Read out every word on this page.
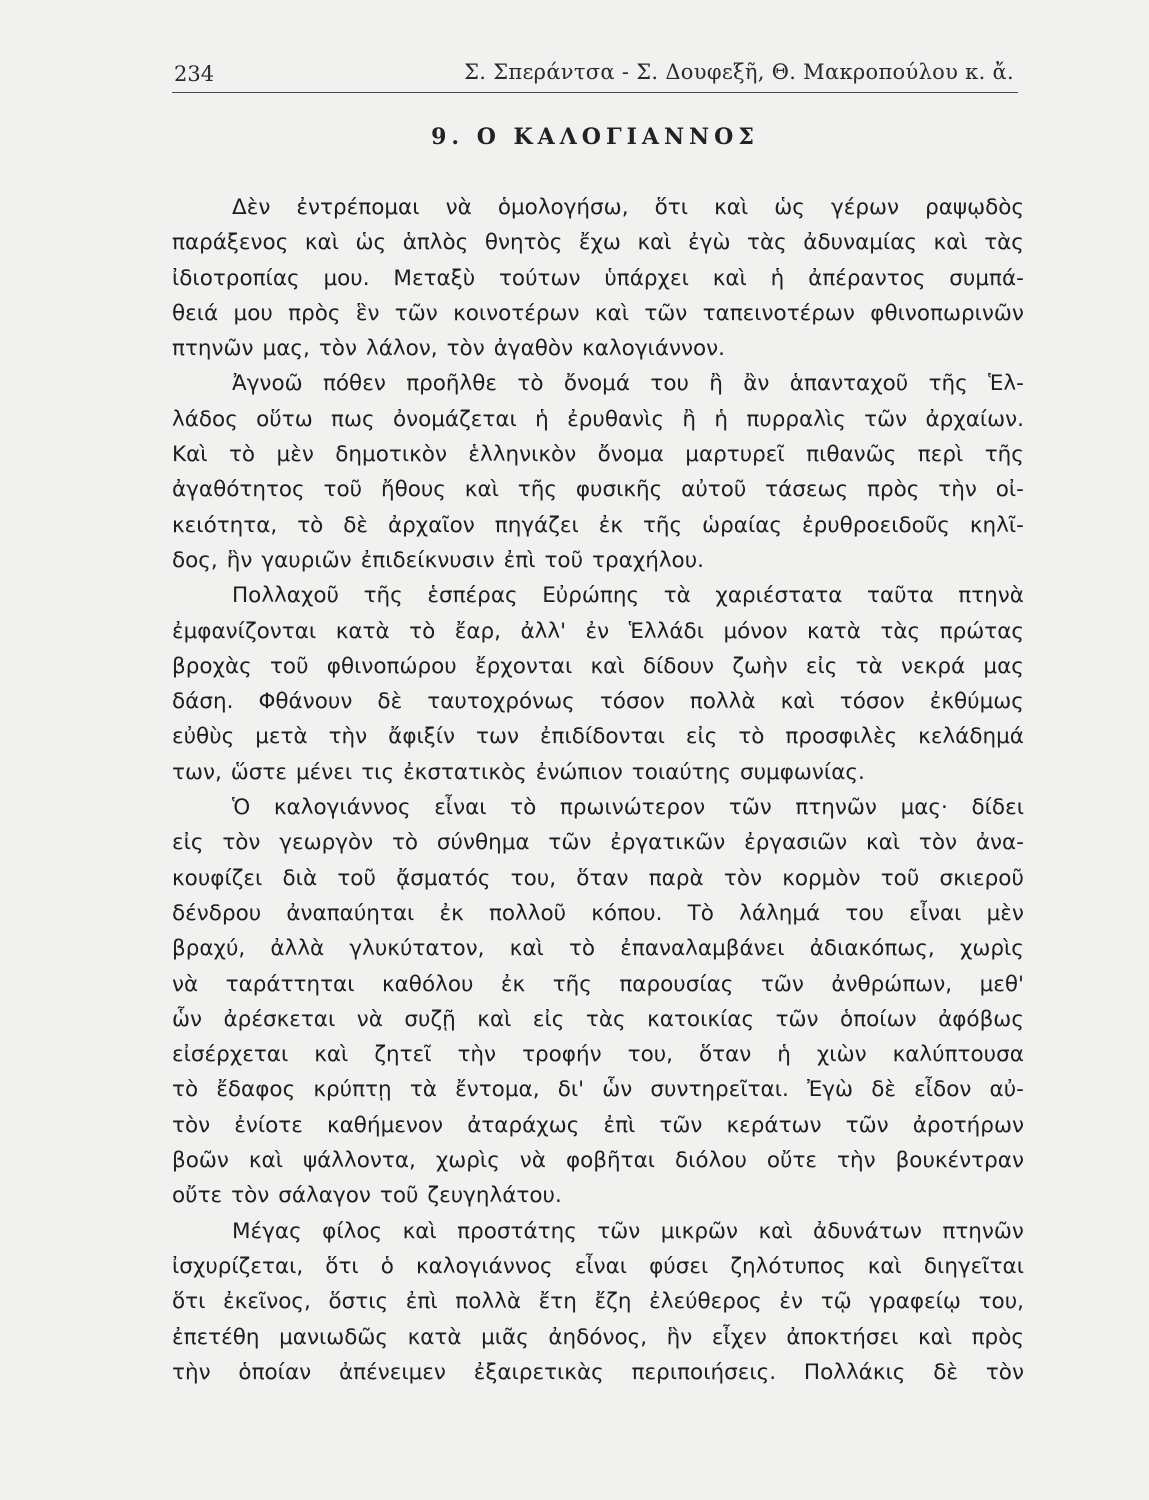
234	Σ. Σπεράντσα - Σ. Δουφεξῆ, Θ. Μακροπούλου κ. ἄ.
9. Ο ΚΑΛΟΓΙΑΝΝΟΣ
Δὲν ἐντρέπομαι νὰ ὁμολογήσω, ὅτι καὶ ὡς γέρων ραψῳδὸς
παράξενος καὶ ὡς ἁπλὸς θνητὸς ἔχω καὶ ἐγὼ τὰς ἀδυναμίας καὶ τὰς
ἰδιοτροπίας μου. Μεταξὺ τούτων ὑπάρχει καὶ ἡ ἀπέραντος συμπά-
θειά μου πρὸς ἓν τῶν κοινοτέρων καὶ τῶν ταπεινοτέρων φθινοπωρινῶν
πτηνῶν μας, τὸν λάλον, τὸν ἀγαθὸν καλογιάννον.
Ἀγνοῶ πόθεν προῆλθε τὸ ὄνομά του ἢ ἂν ἁπανταχοῦ τῆς Ἑλ-
λάδος οὕτω πως ὀνομάζεται ἡ ἐρυθανὶς ἢ ἡ πυρραλὶς τῶν ἀρχαίων.
Καὶ τὸ μὲν δημοτικὸν ἑλληνικὸν ὄνομα μαρτυρεῖ πιθανῶς περὶ τῆς
ἀγαθότητος τοῦ ἤθους καὶ τῆς φυσικῆς αὐτοῦ τάσεως πρὸς τὴν οἰ-
κειότητα, τὸ δὲ ἀρχαῖον πηγάζει ἐκ τῆς ὡραίας ἐρυθροειδοῦς κηλῖ-
δος, ἣν γαυριῶν ἐπιδείκνυσιν ἐπὶ τοῦ τραχήλου.
Πολλαχοῦ τῆς ἑσπέρας Εὐρώπης τὰ χαριέστατα ταῦτα πτηνὰ
ἐμφανίζονται κατὰ τὸ ἔαρ, ἀλλ' ἐν Ἑλλάδι μόνον κατὰ τὰς πρώτας
βροχὰς τοῦ φθινοπώρου ἔρχονται καὶ δίδουν ζωὴν εἰς τὰ νεκρά μας
δάση. Φθάνουν δὲ ταυτοχρόνως τόσον πολλὰ καὶ τόσον ἐκθύμως
εὐθὺς μετὰ τὴν ἄφιξίν των ἐπιδίδονται εἰς τὸ προσφιλὲς κελάδημά
των, ὥστε μένει τις ἐκστατικὸς ἐνώπιον τοιαύτης συμφωνίας.
Ὁ καλογιάννος εἶναι τὸ πρωινώτερον τῶν πτηνῶν μας· δίδει
εἰς τὸν γεωργὸν τὸ σύνθημα τῶν ἐργατικῶν ἐργασιῶν καὶ τὸν ἀνα-
κουφίζει διὰ τοῦ ᾄσματός του, ὅταν παρὰ τὸν κορμὸν τοῦ σκιεροῦ
δένδρου ἀναπαύηται ἐκ πολλοῦ κόπου. Τὸ λάλημά του εἶναι μὲν
βραχύ, ἀλλὰ γλυκύτατον, καὶ τὸ ἐπαναλαμβάνει ἀδιακόπως, χωρὶς
νὰ ταράττηται καθόλου ἐκ τῆς παρουσίας τῶν ἀνθρώπων, μεθ'
ὧν ἀρέσκεται νὰ συζῇ καὶ εἰς τὰς κατοικίας τῶν ὁποίων ἀφόβως
εἰσέρχεται καὶ ζητεῖ τὴν τροφήν του, ὅταν ἡ χιὼν καλύπτουσα
τὸ ἔδαφος κρύπτῃ τὰ ἔντομα, δι' ὧν συντηρεῖται. Ἐγὼ δὲ εἶδον αὐ-
τὸν ἐνίοτε καθήμενον ἀταράχως ἐπὶ τῶν κεράτων τῶν ἀροτήρων
βοῶν καὶ ψάλλοντα, χωρὶς νὰ φοβῆται διόλου οὔτε τὴν βουκέντραν
οὔτε τὸν σάλαγον τοῦ ζευγηλάτου.
Μέγας φίλος καὶ προστάτης τῶν μικρῶν καὶ ἀδυνάτων πτηνῶν
ἰσχυρίζεται, ὅτι ὁ καλογιάννος εἶναι φύσει ζηλότυπος καὶ διηγεῖται
ὅτι ἐκεῖνος, ὅστις ἐπὶ πολλὰ ἔτη ἔζη ἐλεύθερος ἐν τῷ γραφείῳ του,
ἐπετέθη μανιωδῶς κατὰ μιᾶς ἀηδόνος, ἣν εἶχεν ἀποκτήσει καὶ πρὸς
τὴν ὁποίαν ἀπένειμεν ἐξαιρετικὰς περιποιήσεις. Πολλάκις δὲ τὸν
